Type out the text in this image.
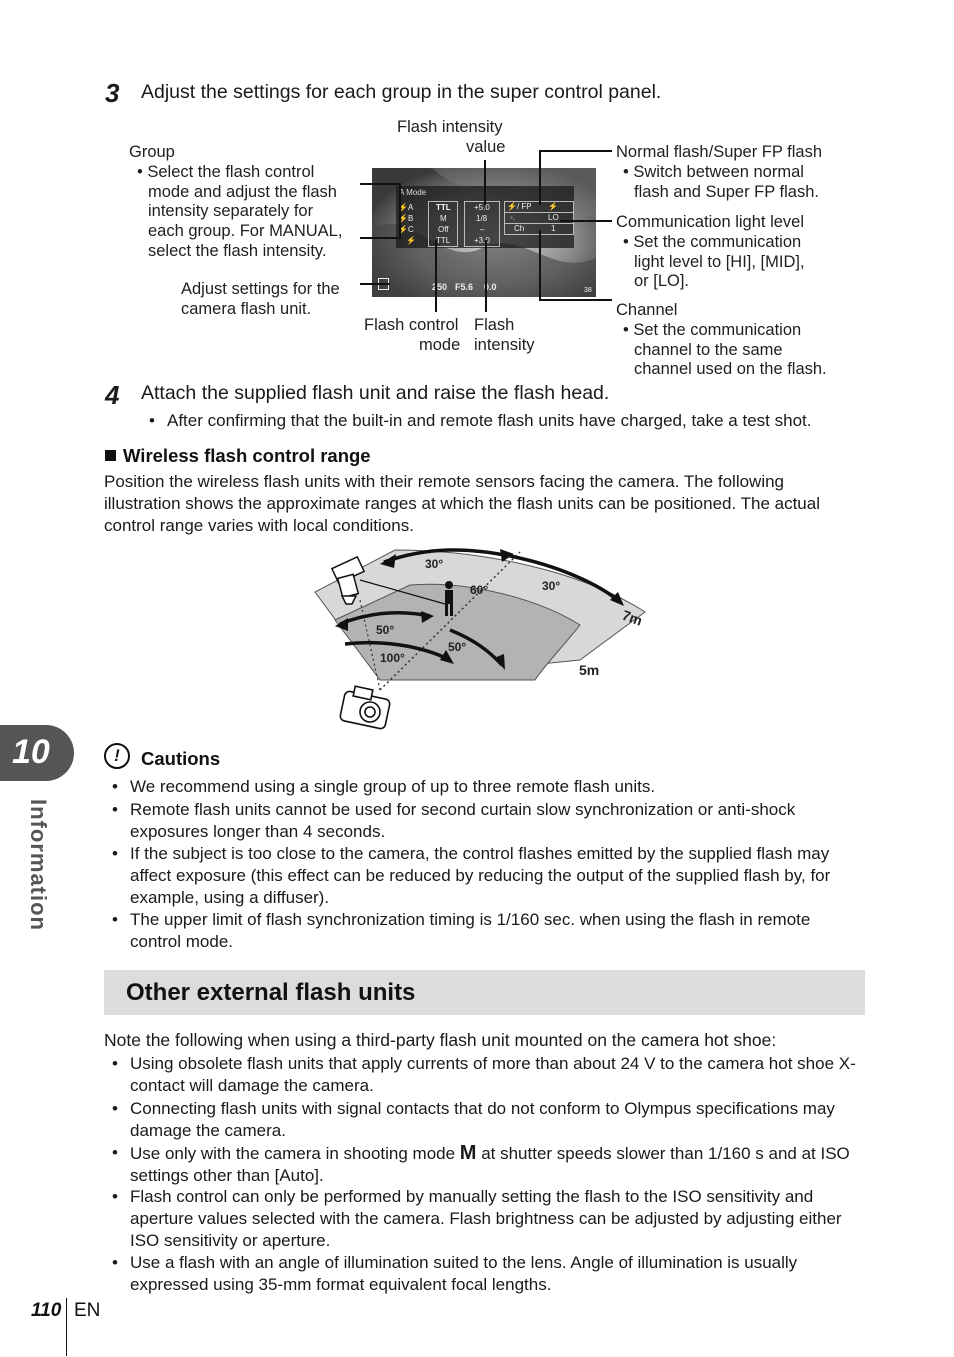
3 Adjust the settings for each group in the super control panel.
Flash intensity
value
Group
• Select the flash control
mode and adjust the flash
intensity separately for
each group. For MANUAL,
select the flash intensity.
Adjust settings for the
camera flash unit.
Flash control
mode
Flash
intensity
Normal flash/Super FP flash
• Switch between normal
flash and Super FP flash.
Communication light level
• Set the communication
light level to [HI], [MID],
or [LO].
Channel
• Set the communication
channel to the same
channel used on the flash.
A Mode
⚡A
⚡B
⚡C
⚡
TTL
M
Off
TTL
+5.0
1/8
–
+3.0
⚡/ FP ⚡
◦.	LO
Ch	1
250 F5.6 0.0	38
4 Attach the supplied flash unit and raise the flash head.
• After confirming that the built-in and remote flash units have charged, take a test shot.
Wireless flash control range
Position the wireless flash units with their remote sensors facing the camera. The following illustration shows the approximate ranges at which the flash units can be positioned. The actual control range varies with local conditions.
30°
60°	30°
50°
100°
50°
7m
5m
!	Cautions
• We recommend using a single group of up to three remote flash units.
• Remote flash units cannot be used for second curtain slow synchronization or anti-shock exposures longer than 4 seconds.
• If the subject is too close to the camera, the control flashes emitted by the supplied flash may affect exposure (this effect can be reduced by reducing the output of the supplied flash by, for example, using a diffuser).
• The upper limit of flash synchronization timing is 1/160 sec. when using the flash in remote control mode.
Other external flash units
Note the following when using a third-party flash unit mounted on the camera hot shoe:
• Using obsolete flash units that apply currents of more than about 24 V to the camera hot shoe X-contact will damage the camera.
• Connecting flash units with signal contacts that do not conform to Olympus specifications may damage the camera.
• Use only with the camera in shooting mode M at shutter speeds slower than 1/160 s and at ISO settings other than [Auto].
• Flash control can only be performed by manually setting the flash to the ISO sensitivity and aperture values selected with the camera. Flash brightness can be adjusted by adjusting either ISO sensitivity or aperture.
• Use a flash with an angle of illumination suited to the lens. Angle of illumination is usually expressed using 35-mm format equivalent focal lengths.
10
Information
110 EN
